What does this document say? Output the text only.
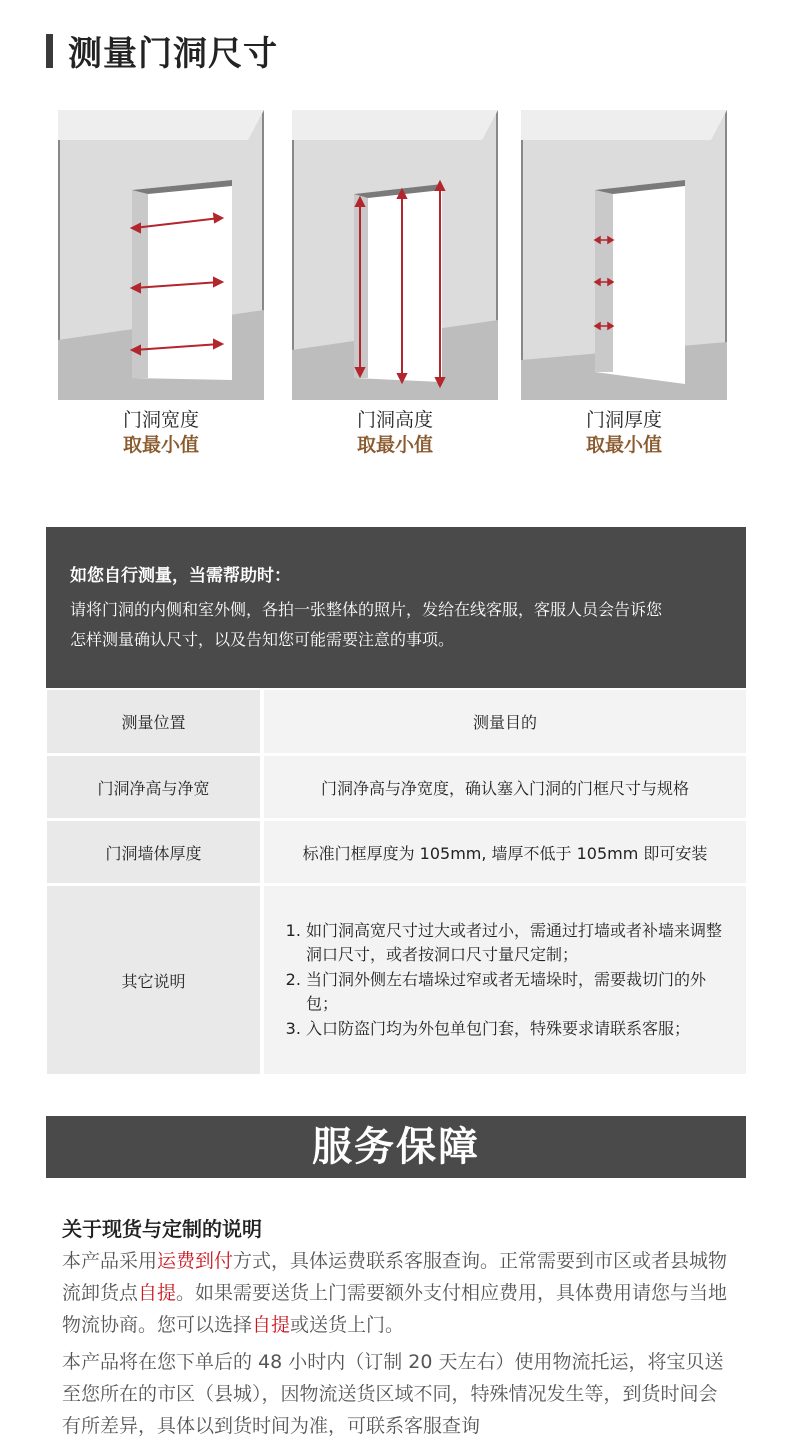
测量门洞尺寸
门洞宽度
取最小值
门洞高度
取最小值
门洞厚度
取最小值
如您自行测量，当需帮助时：
请将门洞的内侧和室外侧，各拍一张整体的照片，发给在线客服，客服人员会告诉您
怎样测量确认尺寸，以及告知您可能需要注意的事项。
测量位置	测量目的
门洞净高与净宽	门洞净高与净宽度，确认塞入门洞的门框尺寸与规格
门洞墙体厚度	标准门框厚度为 105mm, 墙厚不低于 105mm 即可安装
其它说明
1. 如门洞高宽尺寸过大或者过小，需通过打墙或者补墙来调整洞口尺寸，或者按洞口尺寸量尺定制；
2. 当门洞外侧左右墙垛过窄或者无墙垛时，需要裁切门的外包；
3. 入口防盗门均为外包单包门套，特殊要求请联系客服；
服务保障
关于现货与定制的说明
本产品采用运费到付方式，具体运费联系客服查询。正常需要到市区或者县城物流卸货点自提。如果需要送货上门需要额外支付相应费用，具体费用请您与当地物流协商。您可以选择自提或送货上门。
本产品将在您下单后的 48 小时内（订制 20 天左右）使用物流托运，将宝贝送至您所在的市区（县城），因物流送货区域不同，特殊情况发生等，到货时间会有所差异，具体以到货时间为准，可联系客服查询
